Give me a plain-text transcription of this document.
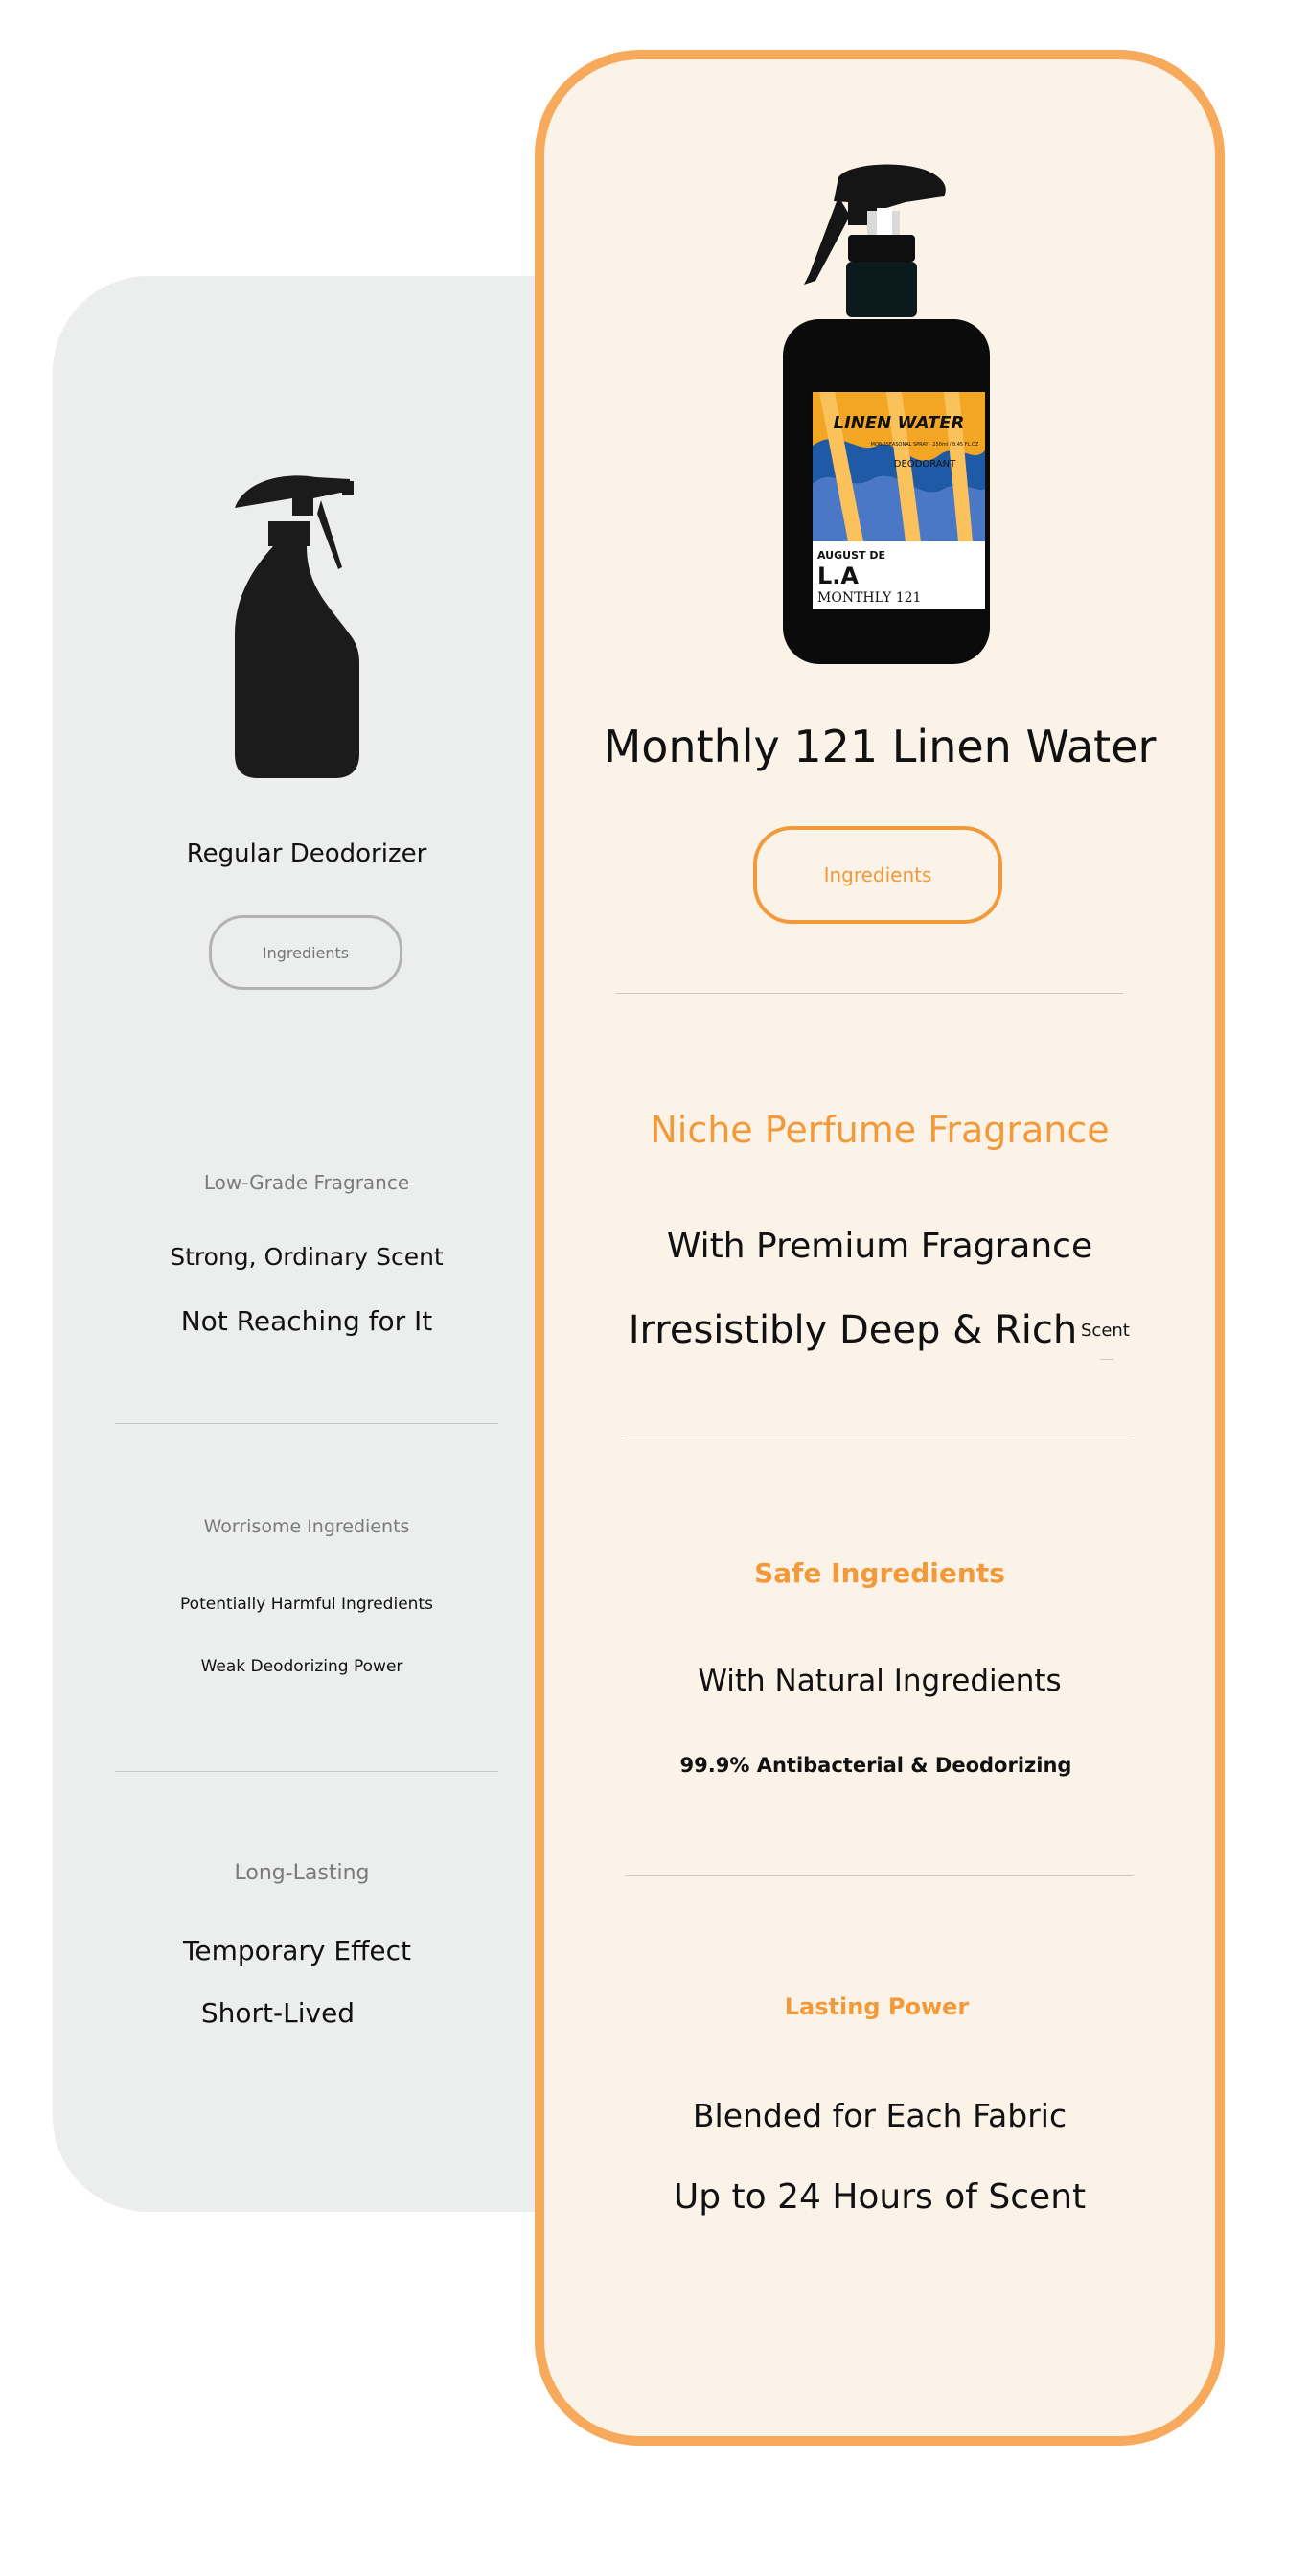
Regular Deodorizer
Ingredients
Low-Grade Fragrance
Strong, Ordinary Scent
Not Reaching for It
Worrisome Ingredients
Potentially Harmful Ingredients
Weak Deodorizing Power
Long-Lasting
Temporary Effect
Short-Lived
LINEN WATER
MONOSEASONAL SPRAY · 250ml / 8.45 FL.OZ
DEODORANT
AUGUST DE
L.A
MONTHLY 121
Monthly 121 Linen Water
Ingredients
Niche Perfume Fragrance
With Premium Fragrance
Irresistibly Deep & Rich Scent
Safe Ingredients
With Natural Ingredients
99.9% Antibacterial & Deodorizing
Lasting Power
Blended for Each Fabric
Up to 24 Hours of Scent
